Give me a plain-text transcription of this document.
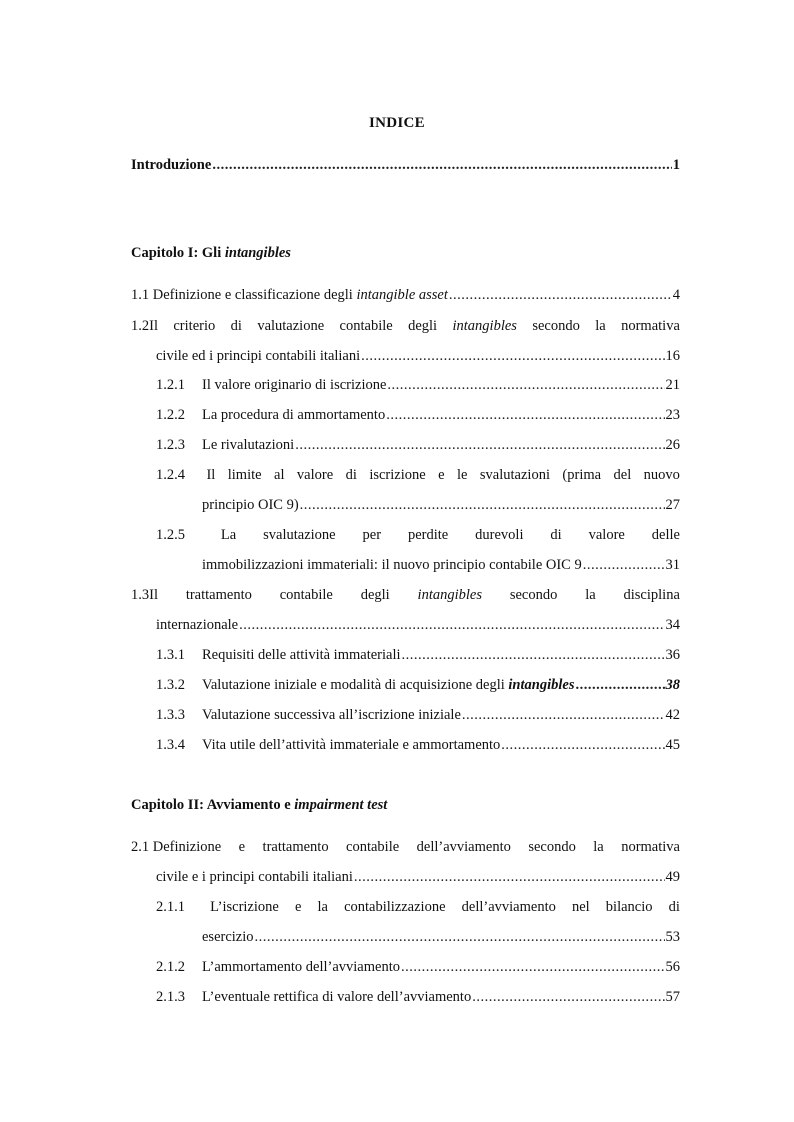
INDICE
Introduzione .....	1
Capitolo I: Gli intangibles
1.1
Definizione e classificazione degli intangible asset .....	4
1.2Il criterio di valutazione contabile degli intangibles secondo la normativa
civile ed i principi contabili italiani .....	16
1.2.1	Il valore originario di iscrizione .....	21
1.2.2	La procedura di ammortamento .....	23
1.2.3	Le rivalutazioni .....	26
1.2.4	Il limite al valore di iscrizione e le svalutazioni (prima del nuovo
principio OIC 9) .....	27
1.2.5	La svalutazione per perdite durevoli di valore delle
immobilizzazioni immateriali: il nuovo principio contabile OIC 9 .....	31
1.3Il trattamento contabile degli intangibles secondo la disciplina
internazionale .....	34
1.3.1	Requisiti delle attività immateriali .....	36
1.3.2	Valutazione iniziale e modalità di acquisizione degli intangibles .....	38
1.3.3	Valutazione successiva all’iscrizione iniziale .....	42
1.3.4	Vita utile dell’attività immateriale e ammortamento .....	45
Capitolo II: Avviamento e impairment test
2.1 Definizione e trattamento contabile dell’avviamento secondo la normativa
civile e i principi contabili italiani .....	49
2.1.1	L’iscrizione e la contabilizzazione dell’avviamento nel bilancio di
esercizio .....	53
2.1.2	L’ammortamento dell’avviamento .....	56
2.1.3	L’eventuale rettifica di valore dell’avviamento .....	57
